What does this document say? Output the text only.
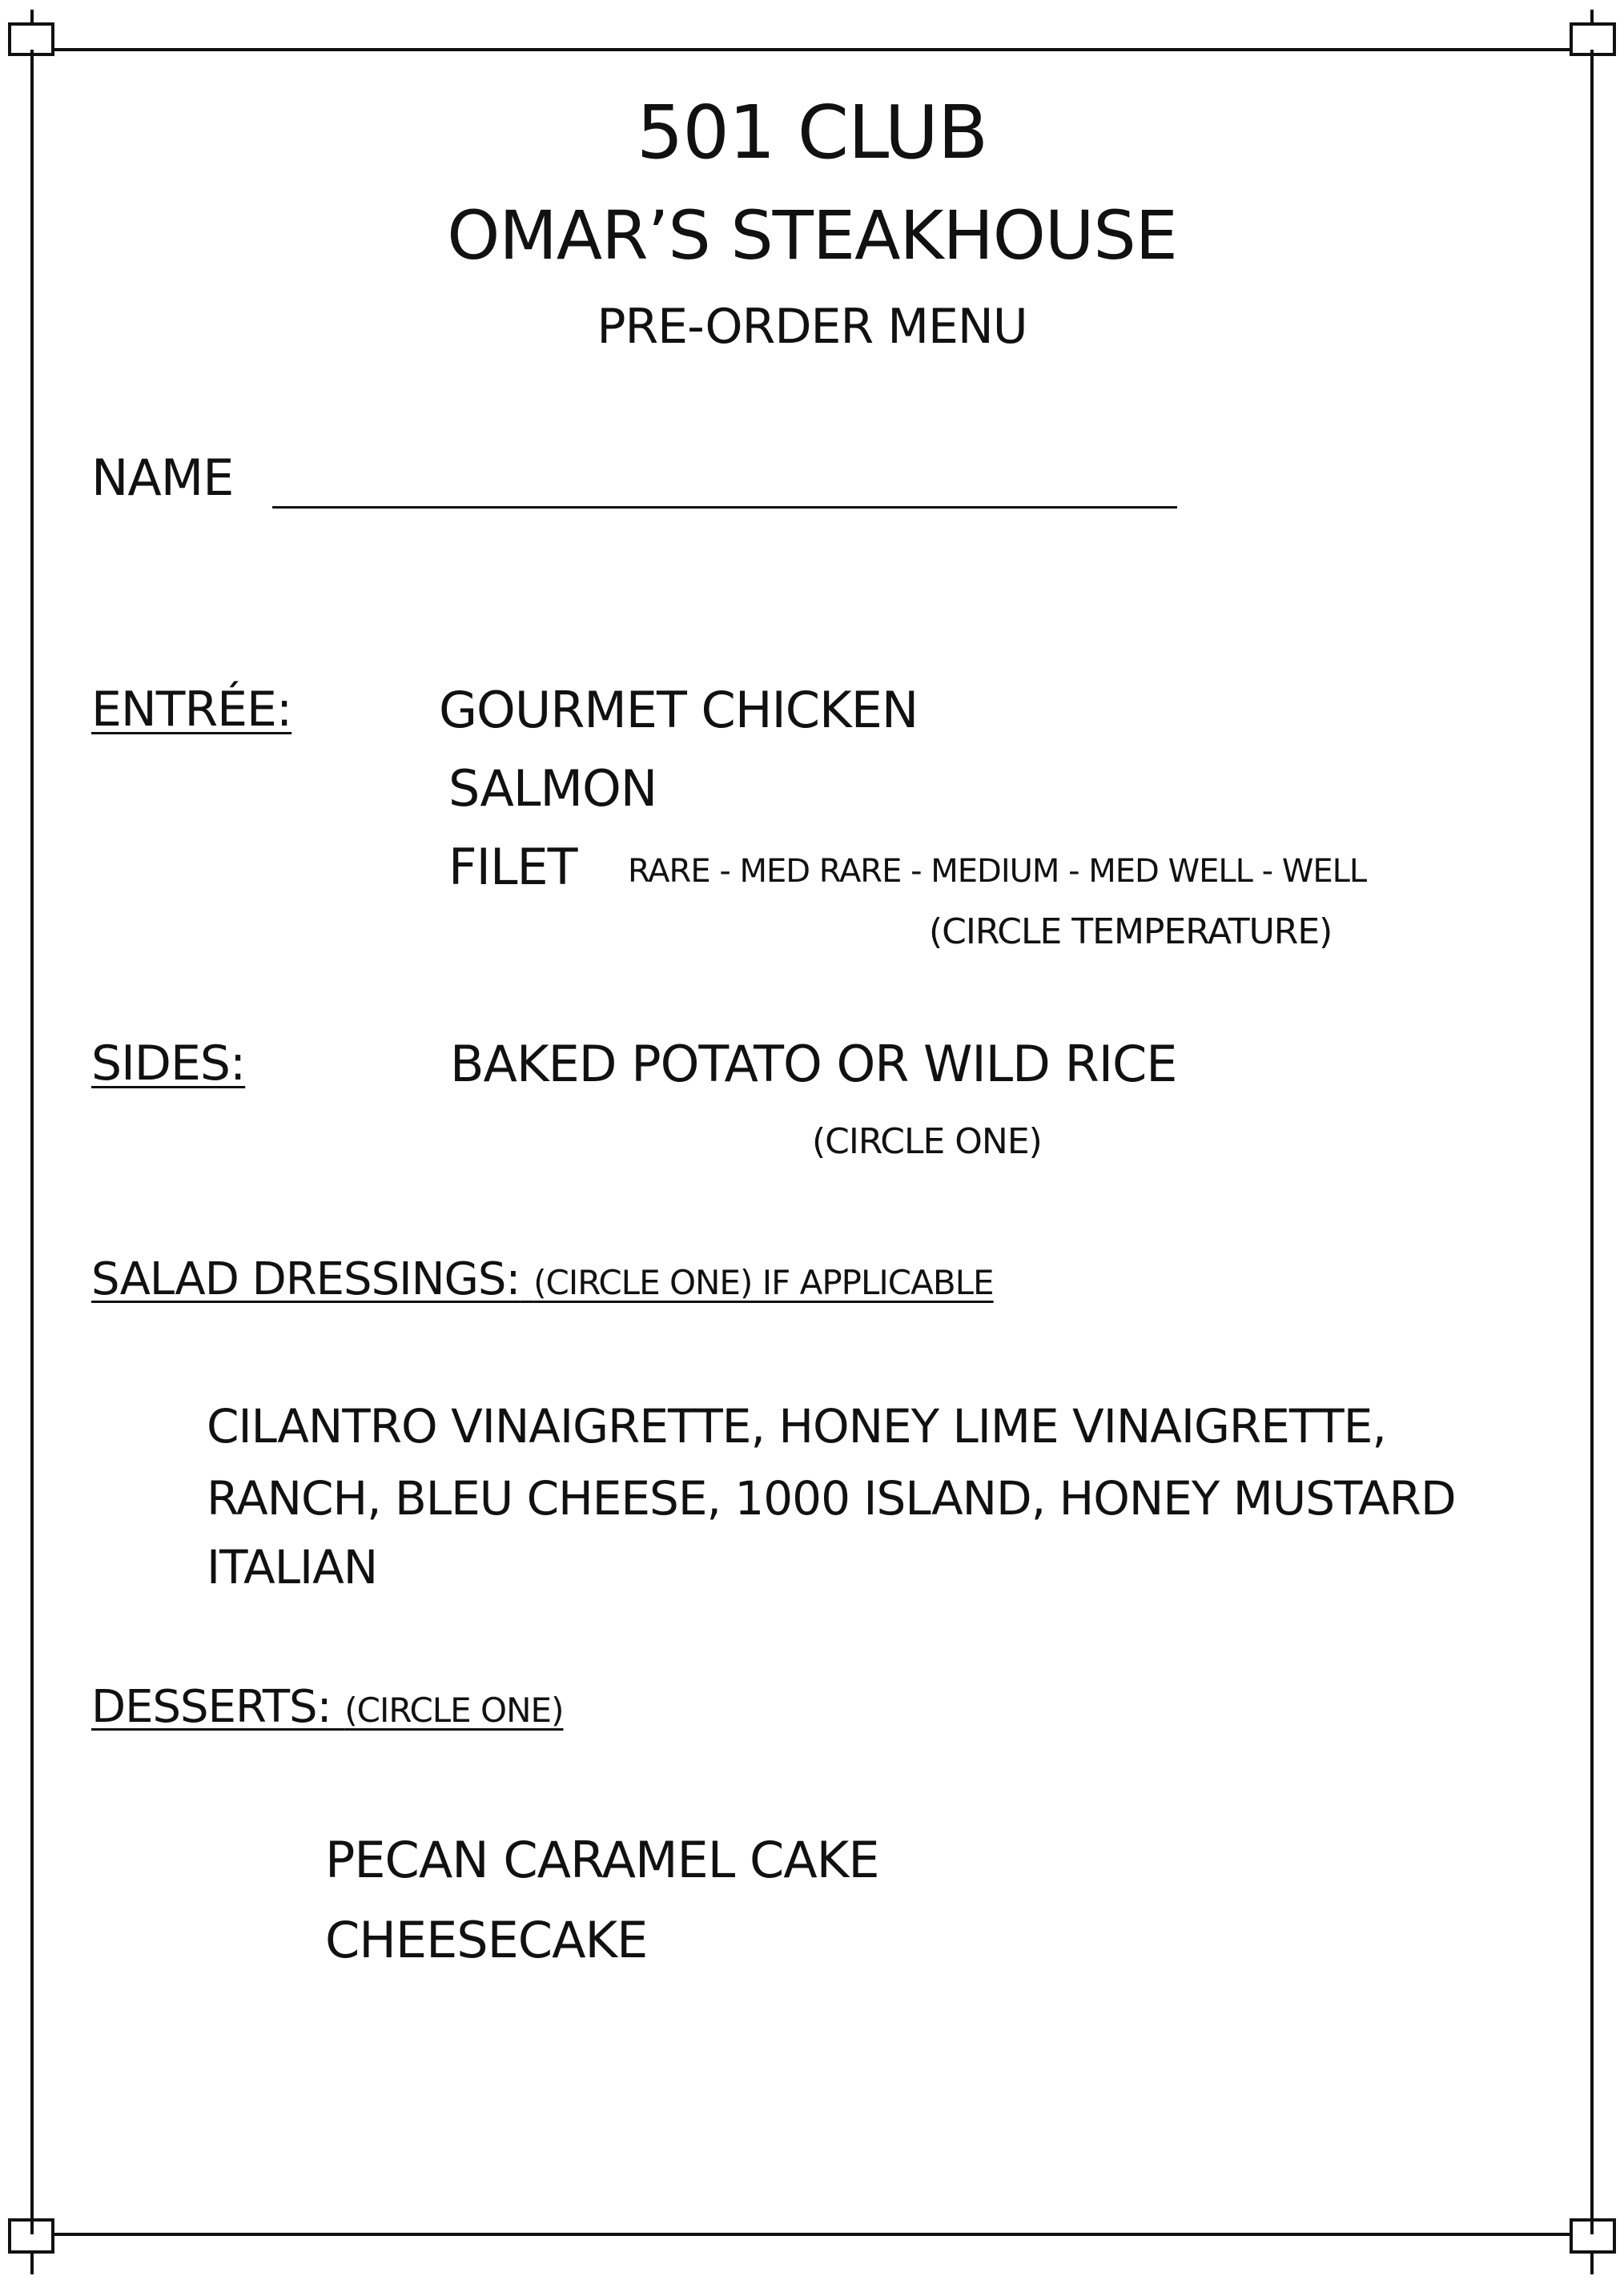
501 CLUB
OMAR’S STEAKHOUSE
PRE-ORDER MENU
NAME
ENTRÉE:	GOURMET CHICKEN
SALMON
FILET RARE - MED RARE - MEDIUM - MED WELL - WELL
(CIRCLE TEMPERATURE)
SIDES:	BAKED POTATO OR WILD RICE
(CIRCLE ONE)
SALAD DRESSINGS: (CIRCLE ONE) IF APPLICABLE
CILANTRO VINAIGRETTE, HONEY LIME VINAIGRETTE,
RANCH, BLEU CHEESE, 1000 ISLAND, HONEY MUSTARD
ITALIAN
DESSERTS: (CIRCLE ONE)
PECAN CARAMEL CAKE
CHEESECAKE
